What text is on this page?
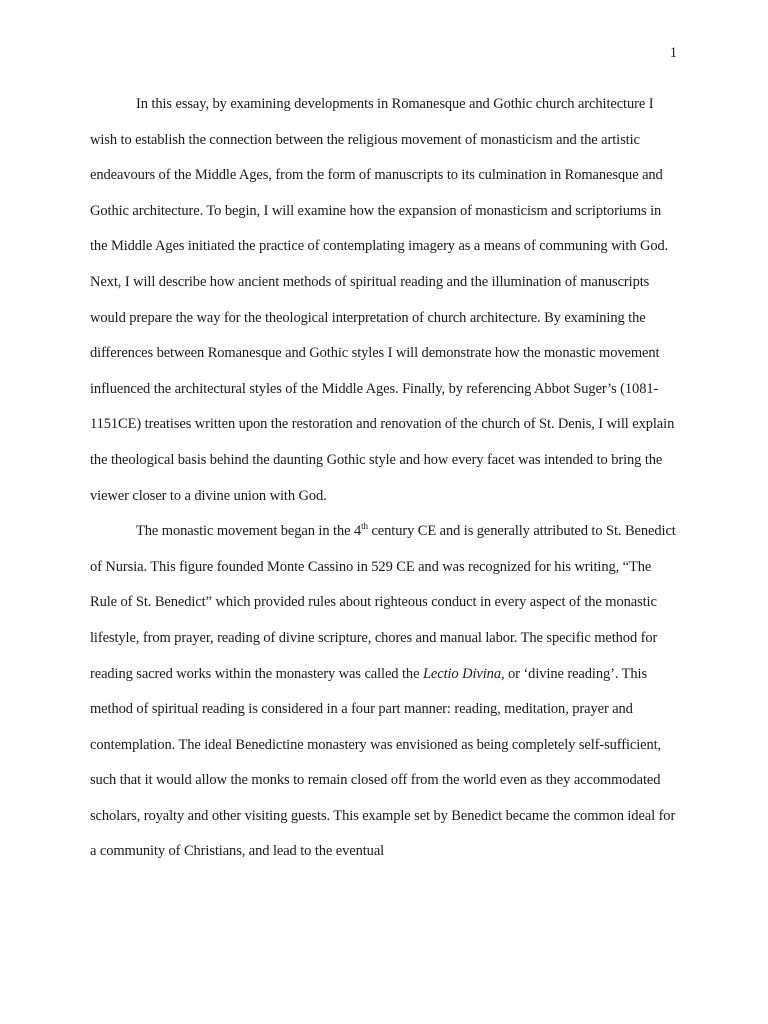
1

In this essay, by examining developments in Romanesque and Gothic church architecture I wish to establish the connection between the religious movement of monasticism and the artistic endeavours of the Middle Ages, from the form of manuscripts to its culmination in Romanesque and Gothic architecture. To begin, I will examine how the expansion of monasticism and scriptoriums in the Middle Ages initiated the practice of contemplating imagery as a means of communing with God. Next, I will describe how ancient methods of spiritual reading and the illumination of manuscripts would prepare the way for the theological interpretation of church architecture. By examining the differences between Romanesque and Gothic styles I will demonstrate how the monastic movement influenced the architectural styles of the Middle Ages. Finally, by referencing Abbot Suger’s (1081-1151CE) treatises written upon the restoration and renovation of the church of St. Denis, I will explain the theological basis behind the daunting Gothic style and how every facet was intended to bring the viewer closer to a divine union with God.

The monastic movement began in the 4th century CE and is generally attributed to St. Benedict of Nursia. This figure founded Monte Cassino in 529 CE and was recognized for his writing, “The Rule of St. Benedict” which provided rules about righteous conduct in every aspect of the monastic lifestyle, from prayer, reading of divine scripture, chores and manual labor. The specific method for reading sacred works within the monastery was called the Lectio Divina, or ‘divine reading’. This method of spiritual reading is considered in a four part manner: reading, meditation, prayer and contemplation. The ideal Benedictine monastery was envisioned as being completely self-sufficient, such that it would allow the monks to remain closed off from the world even as they accommodated scholars, royalty and other visiting guests. This example set by Benedict became the common ideal for a community of Christians, and lead to the eventual
